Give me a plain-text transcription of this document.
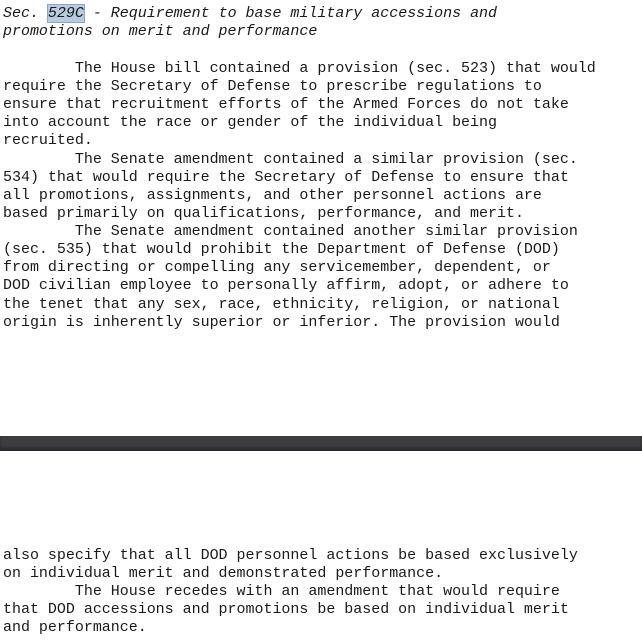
Sec. 529C - Requirement to base military accessions and
promotions on merit and performance
The House bill contained a provision (sec. 523) that would
require the Secretary of Defense to prescribe regulations to
ensure that recruitment efforts of the Armed Forces do not take
into account the race or gender of the individual being
recruited.
The Senate amendment contained a similar provision (sec.
534) that would require the Secretary of Defense to ensure that
all promotions, assignments, and other personnel actions are
based primarily on qualifications, performance, and merit.
The Senate amendment contained another similar provision
(sec. 535) that would prohibit the Department of Defense (DOD)
from directing or compelling any servicemember, dependent, or
DOD civilian employee to personally affirm, adopt, or adhere to
the tenet that any sex, race, ethnicity, religion, or national
origin is inherently superior or inferior. The provision would
also specify that all DOD personnel actions be based exclusively
on individual merit and demonstrated performance.
The House recedes with an amendment that would require
that DOD accessions and promotions be based on individual merit
and performance.
